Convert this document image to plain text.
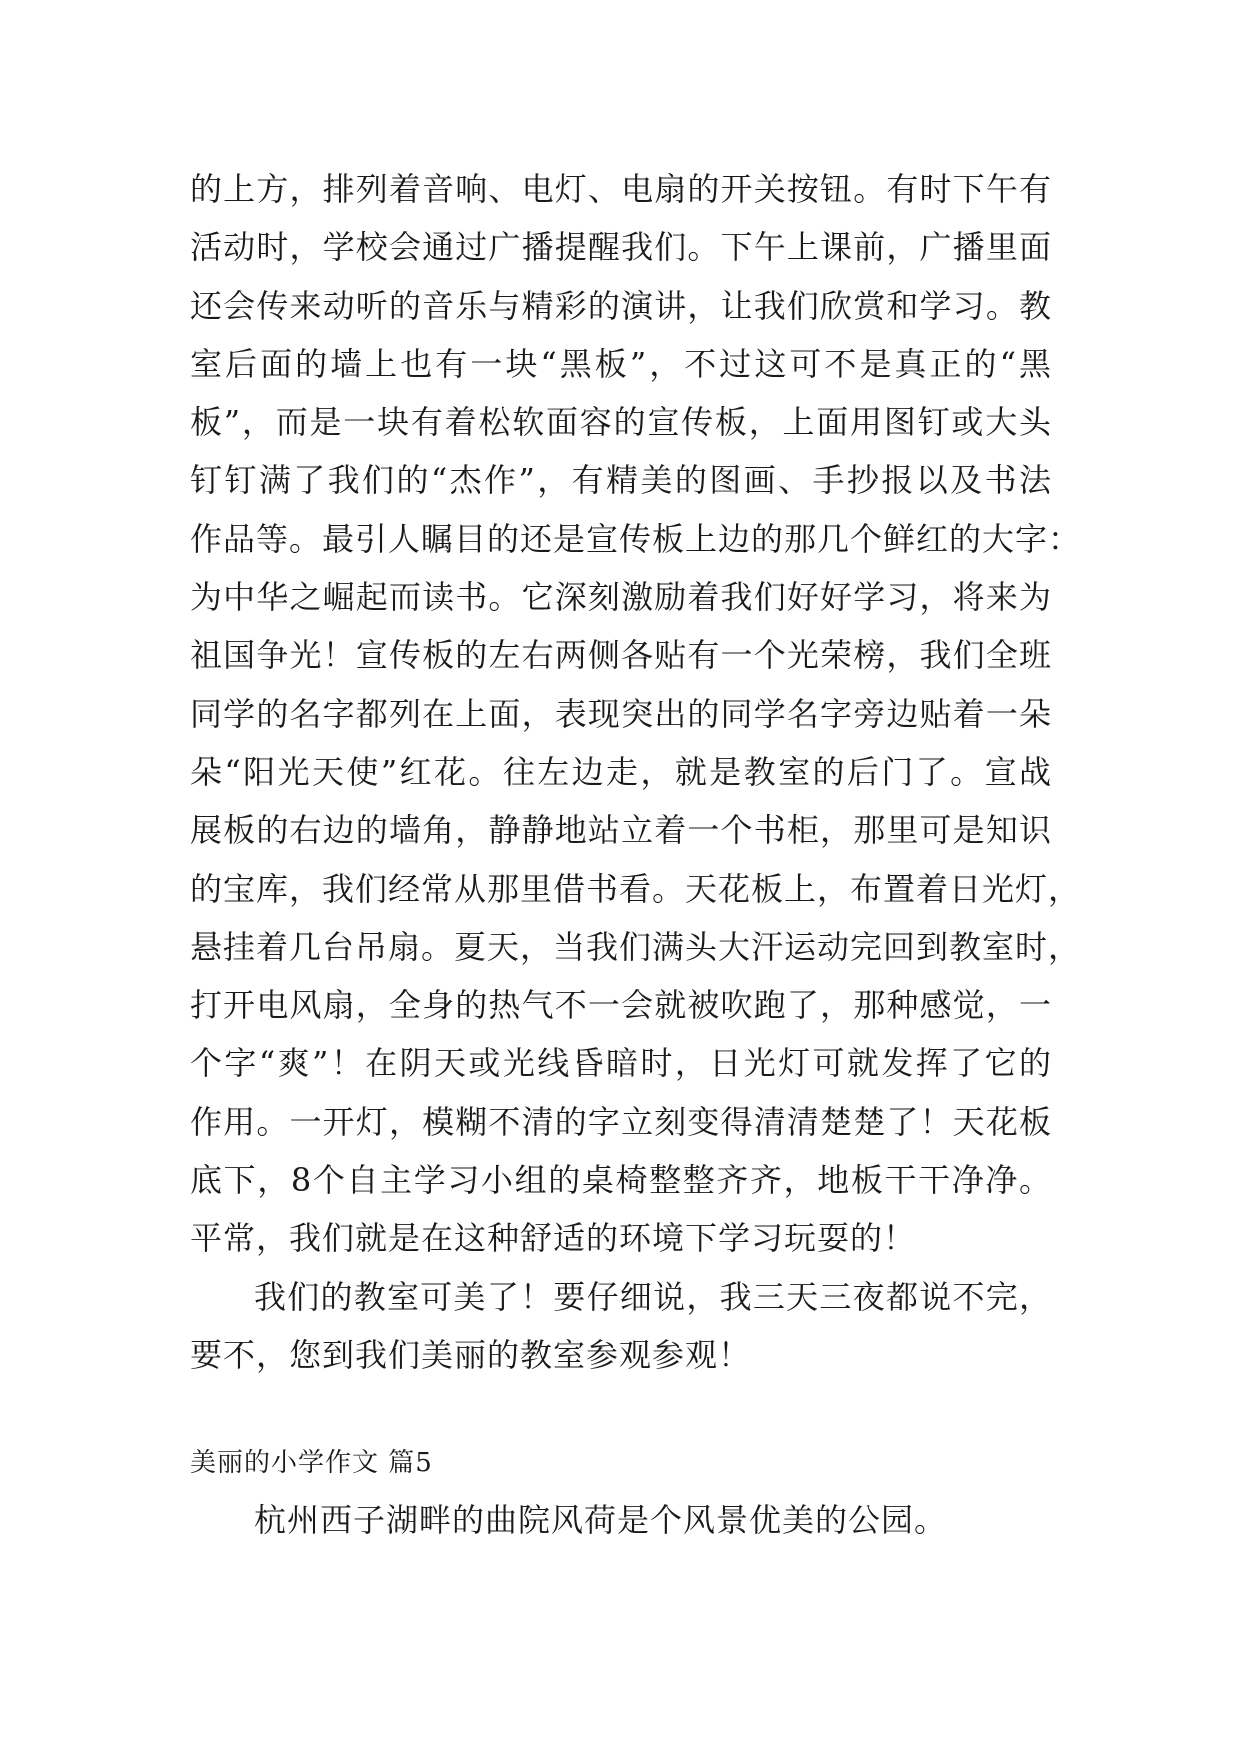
的上方，排列着音响、电灯、电扇的开关按钮。有时下午有
活动时，学校会通过广播提醒我们。下午上课前，广播里面
还会传来动听的音乐与精彩的演讲，让我们欣赏和学习。教
室后面的墙上也有一块“黑板”，不过这可不是真正的“黑
板”，而是一块有着松软面容的宣传板，上面用图钉或大头
钉钉满了我们的“杰作”，有精美的图画、手抄报以及书法
作品等。最引人瞩目的还是宣传板上边的那几个鲜红的大字：
为中华之崛起而读书。它深刻激励着我们好好学习，将来为
祖国争光！宣传板的左右两侧各贴有一个光荣榜，我们全班
同学的名字都列在上面，表现突出的同学名字旁边贴着一朵
朵“阳光天使”红花。往左边走，就是教室的后门了。宣战
展板的右边的墙角，静静地站立着一个书柜，那里可是知识
的宝库，我们经常从那里借书看。天花板上，布置着日光灯，
悬挂着几台吊扇。夏天，当我们满头大汗运动完回到教室时，
打开电风扇，全身的热气不一会就被吹跑了，那种感觉，一
个字“爽”！在阴天或光线昏暗时，日光灯可就发挥了它的
作用。一开灯，模糊不清的字立刻变得清清楚楚了！天花板
底下，8个自主学习小组的桌椅整整齐齐，地板干干净净。
平常，我们就是在这种舒适的环境下学习玩耍的！
我们的教室可美了！要仔细说，我三天三夜都说不完，
要不，您到我们美丽的教室参观参观！
美丽的小学作文 篇5
杭州西子湖畔的曲院风荷是个风景优美的公园。
